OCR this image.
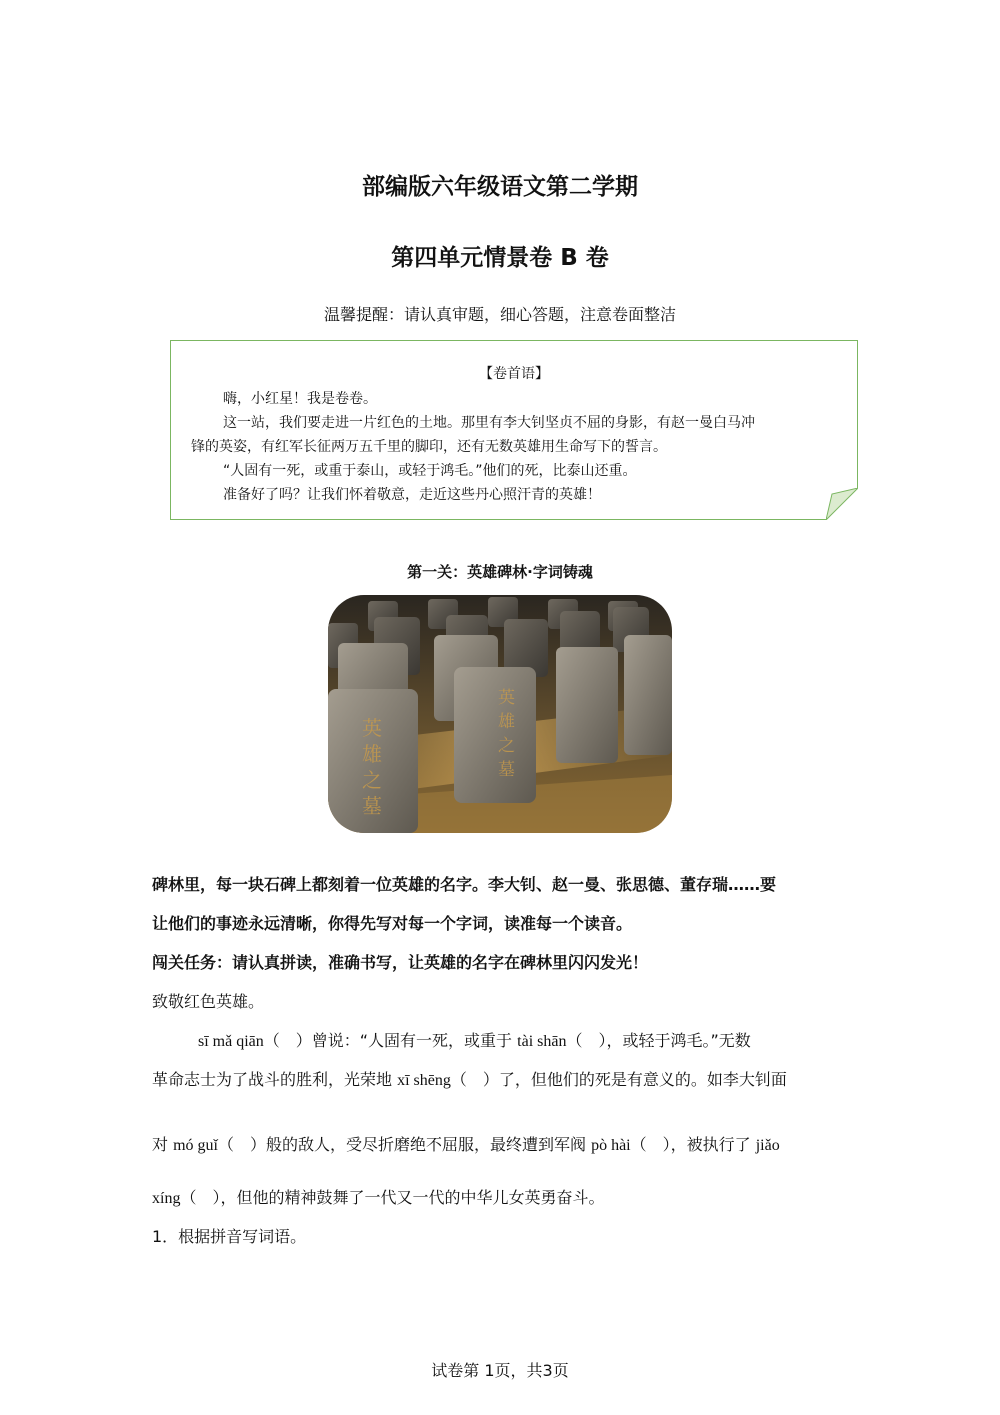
部编版六年级语文第二学期
第四单元情景卷 B 卷
温馨提醒：请认真审题，细心答题，注意卷面整洁
【卷首语】
嗨，小红星！我是卷卷。
这一站，我们要走进一片红色的土地。那里有李大钊坚贞不屈的身影，有赵一曼白马冲
锋的英姿，有红军长征两万五千里的脚印，还有无数英雄用生命写下的誓言。
“人固有一死，或重于泰山，或轻于鸿毛。”他们的死，比泰山还重。
准备好了吗？让我们怀着敬意，走近这些丹心照汗青的英雄！
第一关：英雄碑林·字词铸魂
英
雄
之
墓
英
雄
之
墓
碑林里，每一块石碑上都刻着一位英雄的名字。李大钊、赵一曼、张思德、董存瑞……要
让他们的事迹永远清晰，你得先写对每一个字词，读准每一个读音。
闯关任务：请认真拼读，准确书写，让英雄的名字在碑林里闪闪发光！
致敬红色英雄。
sī mǎ qiān（　）曾说：“人固有一死，或重于 tài shān（　），或轻于鸿毛。”无数
革命志士为了战斗的胜利，光荣地 xī shēng（　）了，但他们的死是有意义的。如李大钊面
对 mó guǐ（　）般的敌人，受尽折磨绝不屈服，最终遭到军阀 pò hài（　），被执行了 jiǎo
xíng（　），但他的精神鼓舞了一代又一代的中华儿女英勇奋斗。
1．根据拼音写词语。
试卷第 1页，共3页
